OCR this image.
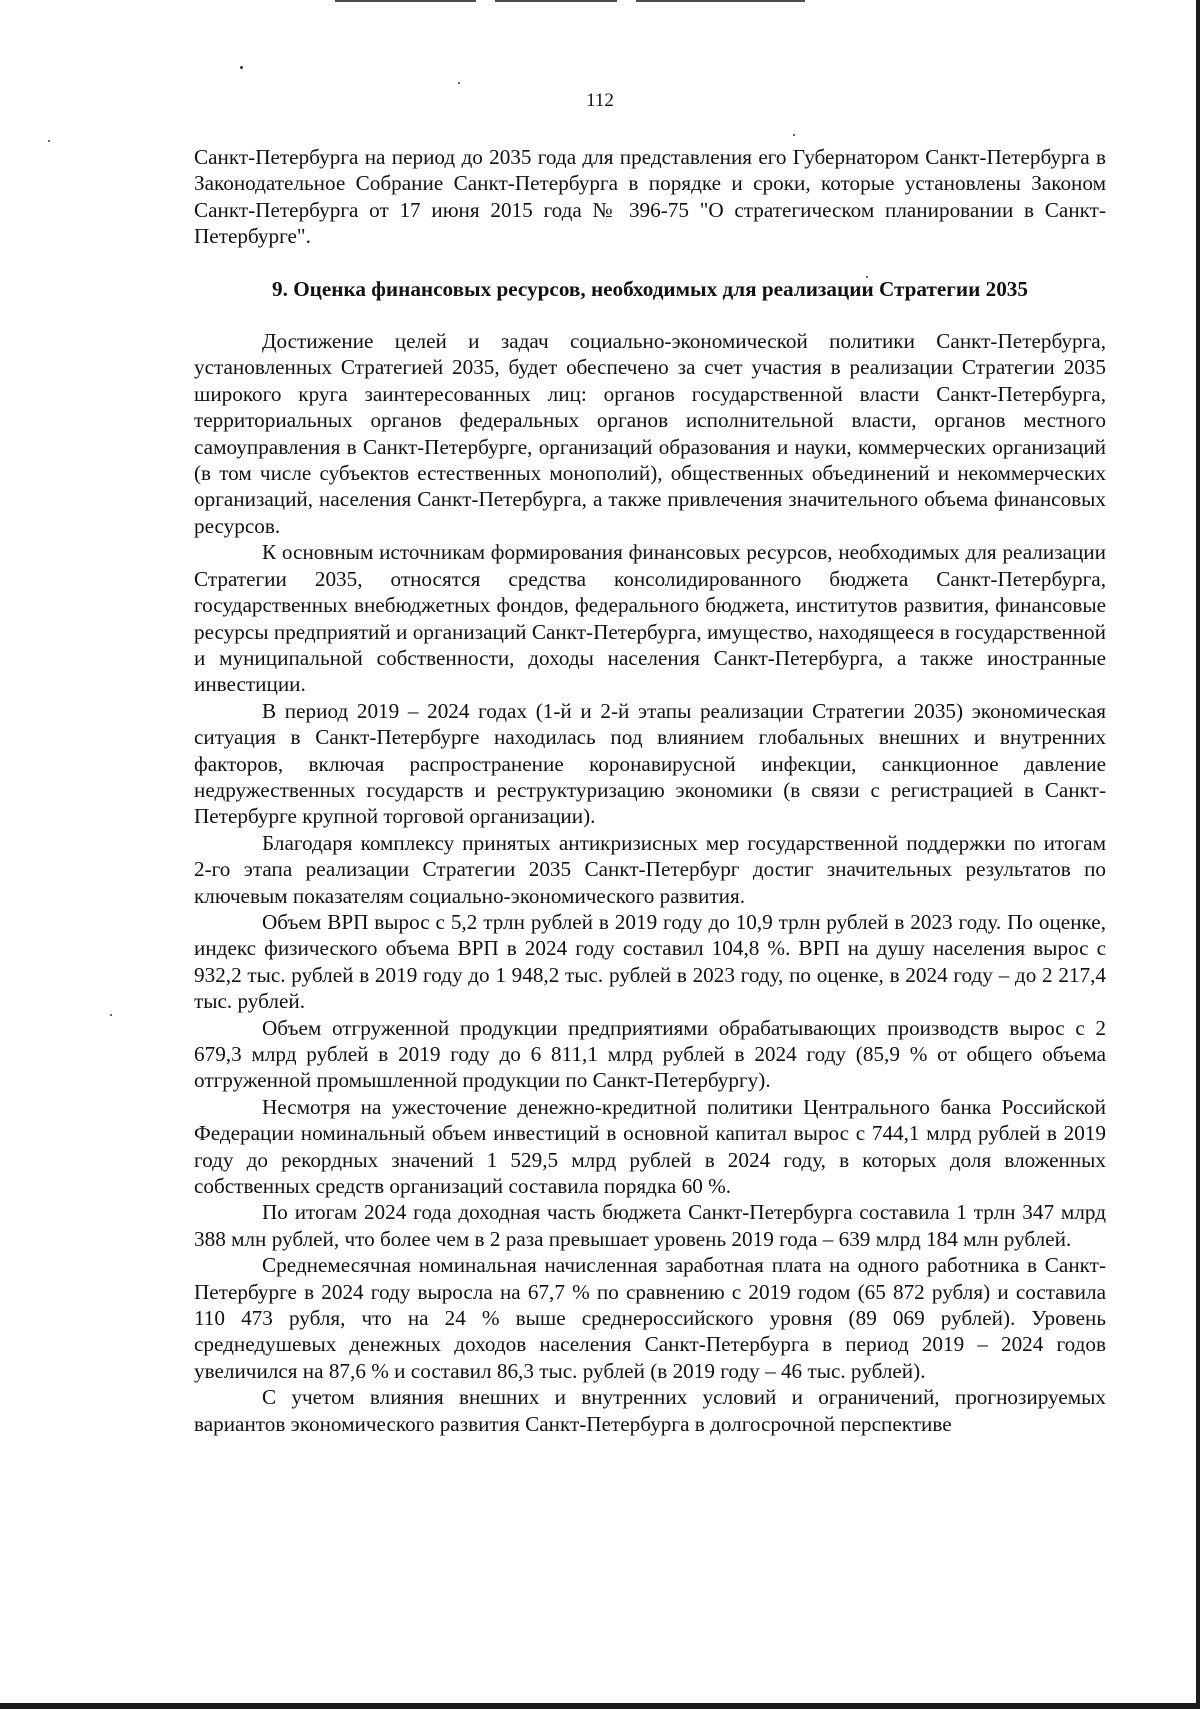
112

Санкт-Петербурга на период до 2035 года для представления его Губернатором Санкт-Петербурга в Законодательное Собрание Санкт-Петербурга в порядке и сроки, которые установлены Законом Санкт-Петербурга от 17 июня 2015 года № 396-75 "О стратегическом планировании в Санкт-Петербурге".

9. Оценка финансовых ресурсов, необходимых для реализации Стратегии 2035

Достижение целей и задач социально-экономической политики Санкт-Петербурга, установленных Стратегией 2035, будет обеспечено за счет участия в реализации Стратегии 2035 широкого круга заинтересованных лиц: органов государственной власти Санкт-Петербурга, территориальных органов федеральных органов исполнительной власти, органов местного самоуправления в Санкт-Петербурге, организаций образования и науки, коммерческих организаций (в том числе субъектов естественных монополий), общественных объединений и некоммерческих организаций, населения Санкт-Петербурга, а также привлечения значительного объема финансовых ресурсов.

К основным источникам формирования финансовых ресурсов, необходимых для реализации Стратегии 2035, относятся средства консолидированного бюджета Санкт-Петербурга, государственных внебюджетных фондов, федерального бюджета, институтов развития, финансовые ресурсы предприятий и организаций Санкт-Петербурга, имущество, находящееся в государственной и муниципальной собственности, доходы населения Санкт-Петербурга, а также иностранные инвестиции.

В период 2019 – 2024 годах (1-й и 2-й этапы реализации Стратегии 2035) экономическая ситуация в Санкт-Петербурге находилась под влиянием глобальных внешних и внутренних факторов, включая распространение коронавирусной инфекции, санкционное давление недружественных государств и реструктуризацию экономики (в связи с регистрацией в Санкт-Петербурге крупной торговой организации).

Благодаря комплексу принятых антикризисных мер государственной поддержки по итогам 2-го этапа реализации Стратегии 2035 Санкт-Петербург достиг значительных результатов по ключевым показателям социально-экономического развития.

Объем ВРП вырос с 5,2 трлн рублей в 2019 году до 10,9 трлн рублей в 2023 году. По оценке, индекс физического объема ВРП в 2024 году составил 104,8 %. ВРП на душу населения вырос с 932,2 тыс. рублей в 2019 году до 1 948,2 тыс. рублей в 2023 году, по оценке, в 2024 году – до 2 217,4 тыс. рублей.

Объем отгруженной продукции предприятиями обрабатывающих производств вырос с 2 679,3 млрд рублей в 2019 году до 6 811,1 млрд рублей в 2024 году (85,9 % от общего объема отгруженной промышленной продукции по Санкт-Петербургу).

Несмотря на ужесточение денежно-кредитной политики Центрального банка Российской Федерации номинальный объем инвестиций в основной капитал вырос с 744,1 млрд рублей в 2019 году до рекордных значений 1 529,5 млрд рублей в 2024 году, в которых доля вложенных собственных средств организаций составила порядка 60 %.

По итогам 2024 года доходная часть бюджета Санкт-Петербурга составила 1 трлн 347 млрд 388 млн рублей, что более чем в 2 раза превышает уровень 2019 года – 639 млрд 184 млн рублей.

Среднемесячная номинальная начисленная заработная плата на одного работника в Санкт-Петербурге в 2024 году выросла на 67,7 % по сравнению с 2019 годом (65 872 рубля) и составила 110 473 рубля, что на 24 % выше среднероссийского уровня (89 069 рублей). Уровень среднедушевых денежных доходов населения Санкт-Петербурга в период 2019 – 2024 годов увеличился на 87,6 % и составил 86,3 тыс. рублей (в 2019 году – 46 тыс. рублей).

С учетом влияния внешних и внутренних условий и ограничений, прогнозируемых вариантов экономического развития Санкт-Петербурга в долгосрочной перспективе
